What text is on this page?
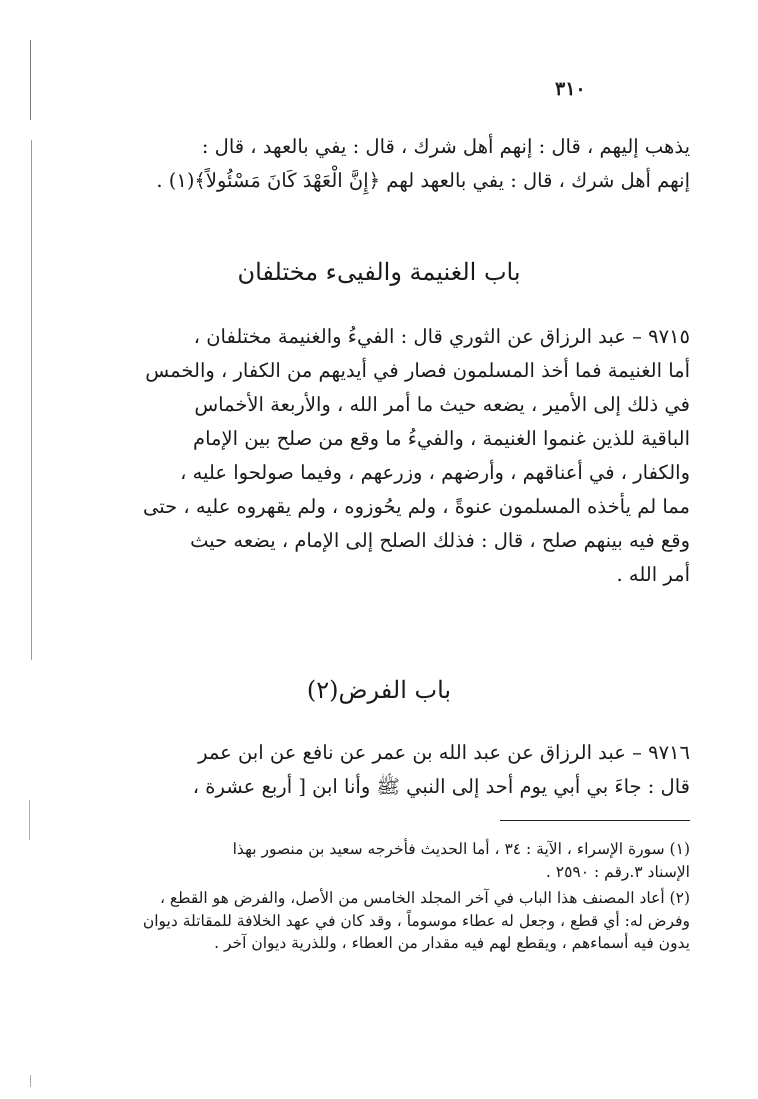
٣١٠

يذهب إليهم ، قال : إنهم أهل شرك ، قال : يفي بالعهد ، قال :

إنهم أهل شرك ، قال : يفي بالعهد لهم ﴿إِنَّ الْعَهْدَ كَانَ مَسْئُولاً﴾(١) .

باب الغنيمة والفيىء مختلفان

٩٧١٥ – عبد الرزاق عن الثوري قال : الفيءُ والغنيمة مختلفان ،

أما الغنيمة فما أخذ المسلمون فصار في أيديهم من الكفار ، والخمس

في ذلك إلى الأمير ، يضعه حيث ما أمر الله ، والأربعة الأخماس

الباقية للذين غنموا الغنيمة ، والفيءُ ما وقع من صلح بين الإمام

والكفار ، في أعناقهم ، وأرضهم ، وزرعهم ، وفيما صولحوا عليه ،

مما لم يأخذه المسلمون عنوةً ، ولم يحُوزوه ، ولم يقهروه عليه ، حتى

وقع فيه بينهم صلح ، قال : فذلك الصلح إلى الإمام ، يضعه حيث

أمر الله .

باب الفرض(٢)

٩٧١٦ – عبد الرزاق عن عبد الله بن عمر عن نافع عن ابن عمر

قال : جاءَ بي أبي يوم أحد إلى النبي ﷺ وأنا ابن [ أربع عشرة ،

(١) سورة الإسراء ، الآية : ٣٤ ، أما الحديث فأخرجه سعيد بن منصور بهذا

الإسناد ٣.رقم : ٢٥٩٠ .

(٢) أعاد المصنف هذا الباب في آخر المجلد الخامس من الأصل، والفرض هو القطع ،

وفرض له: أي قطع ، وجعل له عطاء موسوماً ، وقد كان في عهد الخلافة للمقاتلة ديوان

يدون فيه أسماءهم ، ويقطع لهم فيه مقدار من العطاء ، وللذرية ديوان آخر .
